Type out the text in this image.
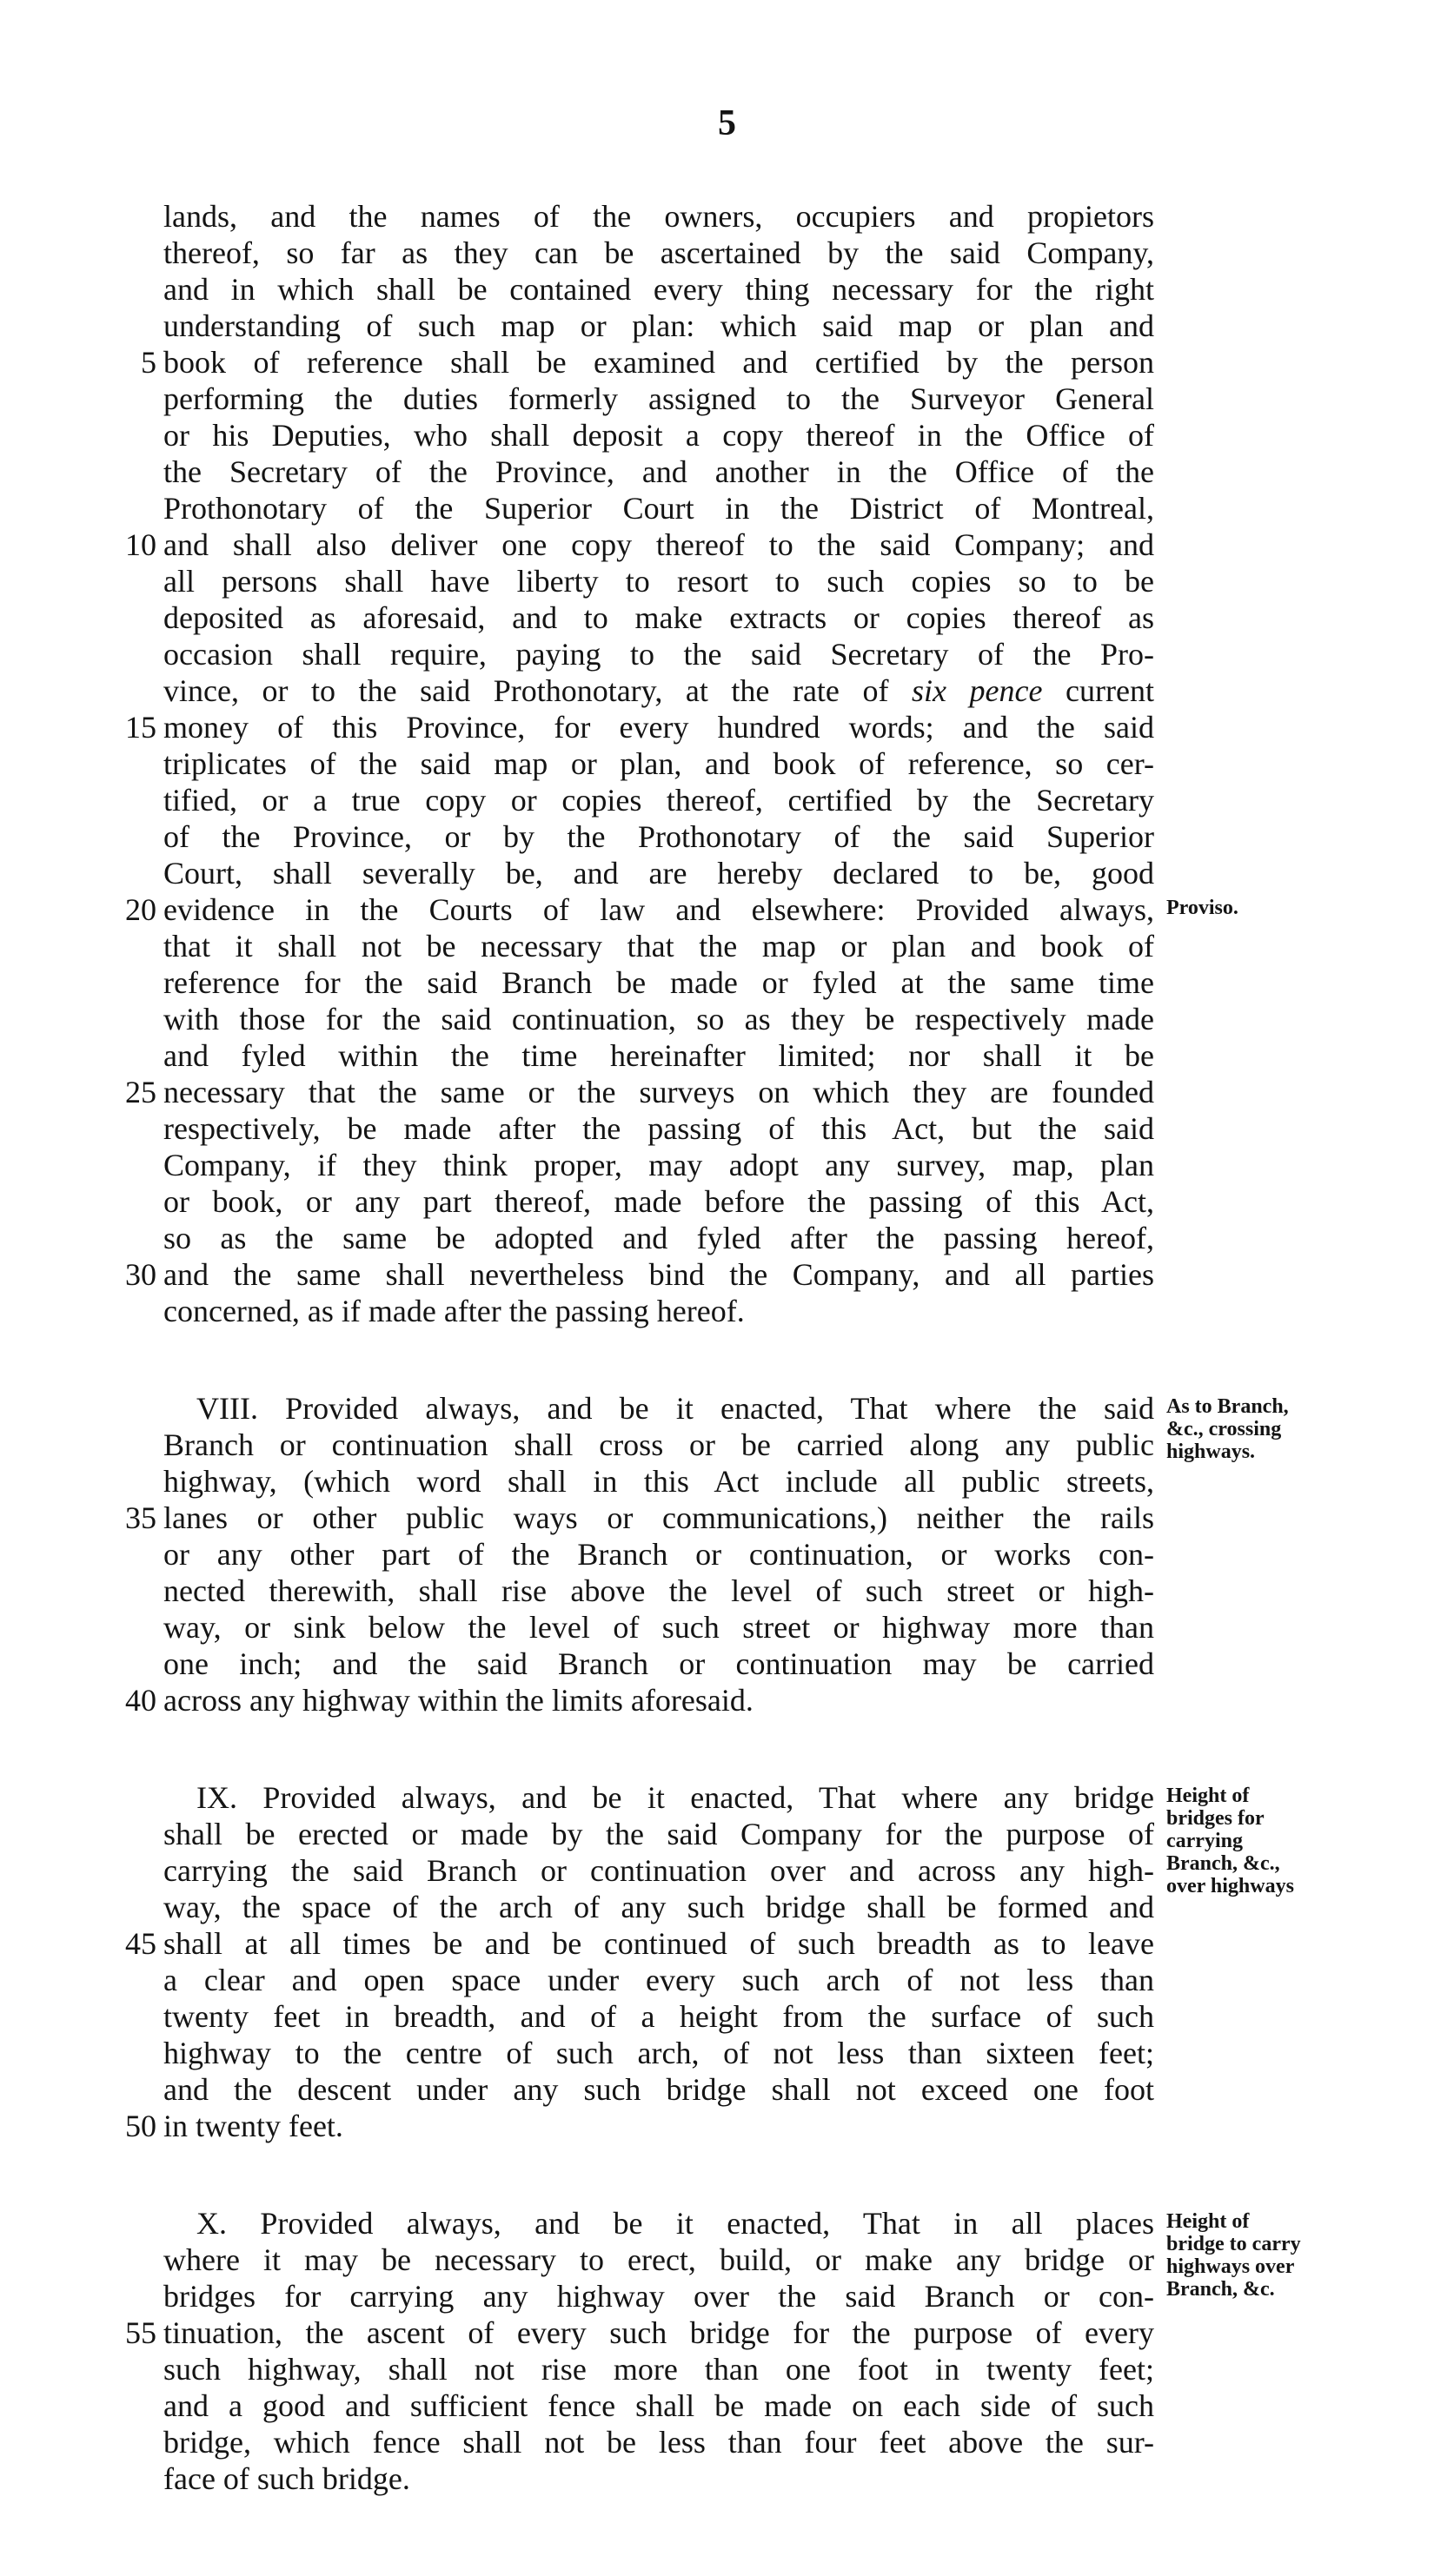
5
lands, and the names of the owners, occupiers and propietors
thereof, so far as they can be ascertained by the said Company,
and in which shall be contained every thing necessary for the right
understanding of such map or plan: which said map or plan and
5 book of reference shall be examined and certified by the person
performing the duties formerly assigned to the Surveyor General
or his Deputies, who shall deposit a copy thereof in the Office of
the Secretary of the Province, and another in the Office of the
Prothonotary of the Superior Court in the District of Montreal,
10 and shall also deliver one copy thereof to the said Company; and
all persons shall have liberty to resort to such copies so to be
deposited as aforesaid, and to make extracts or copies thereof as
occasion shall require, paying to the said Secretary of the Pro-
vince, or to the said Prothonotary, at the rate of six pence current
15 money of this Province, for every hundred words; and the said
triplicates of the said map or plan, and book of reference, so cer-
tified, or a true copy or copies thereof, certified by the Secretary
of the Province, or by the Prothonotary of the said Superior
Court, shall severally be, and are hereby declared to be, good
20 evidence in the Courts of law and elsewhere: Provided always,
that it shall not be necessary that the map or plan and book of
reference for the said Branch be made or fyled at the same time
with those for the said continuation, so as they be respectively made
and fyled within the time hereinafter limited; nor shall it be
25 necessary that the same or the surveys on which they are founded
respectively, be made after the passing of this Act, but the said
Company, if they think proper, may adopt any survey, map, plan
or book, or any part thereof, made before the passing of this Act,
so as the same be adopted and fyled after the passing hereof,
30 and the same shall nevertheless bind the Company, and all parties
concerned, as if made after the passing hereof.
VIII. Provided always, and be it enacted, That where the said
Branch or continuation shall cross or be carried along any public
highway, (which word shall in this Act include all public streets,
35 lanes or other public ways or communications,) neither the rails
or any other part of the Branch or continuation, or works con-
nected therewith, shall rise above the level of such street or high-
way, or sink below the level of such street or highway more than
one inch; and the said Branch or continuation may be carried
40 across any highway within the limits aforesaid.
IX. Provided always, and be it enacted, That where any bridge
shall be erected or made by the said Company for the purpose of
carrying the said Branch or continuation over and across any high-
way, the space of the arch of any such bridge shall be formed and
45 shall at all times be and be continued of such breadth as to leave
a clear and open space under every such arch of not less than
twenty feet in breadth, and of a height from the surface of such
highway to the centre of such arch, of not less than sixteen feet;
and the descent under any such bridge shall not exceed one foot
50 in twenty feet.
X. Provided always, and be it enacted, That in all places
where it may be necessary to erect, build, or make any bridge or
bridges for carrying any highway over the said Branch or con-
55 tinuation, the ascent of every such bridge for the purpose of every
such highway, shall not rise more than one foot in twenty feet;
and a good and sufficient fence shall be made on each side of such
bridge, which fence shall not be less than four feet above the sur-
face of such bridge.
Proviso.
As to Branch,
&c., crossing
highways.
Height of
bridges for
carrying
Branch, &c.,
over highways
Height of
bridge to carry
highways over
Branch, &c.
